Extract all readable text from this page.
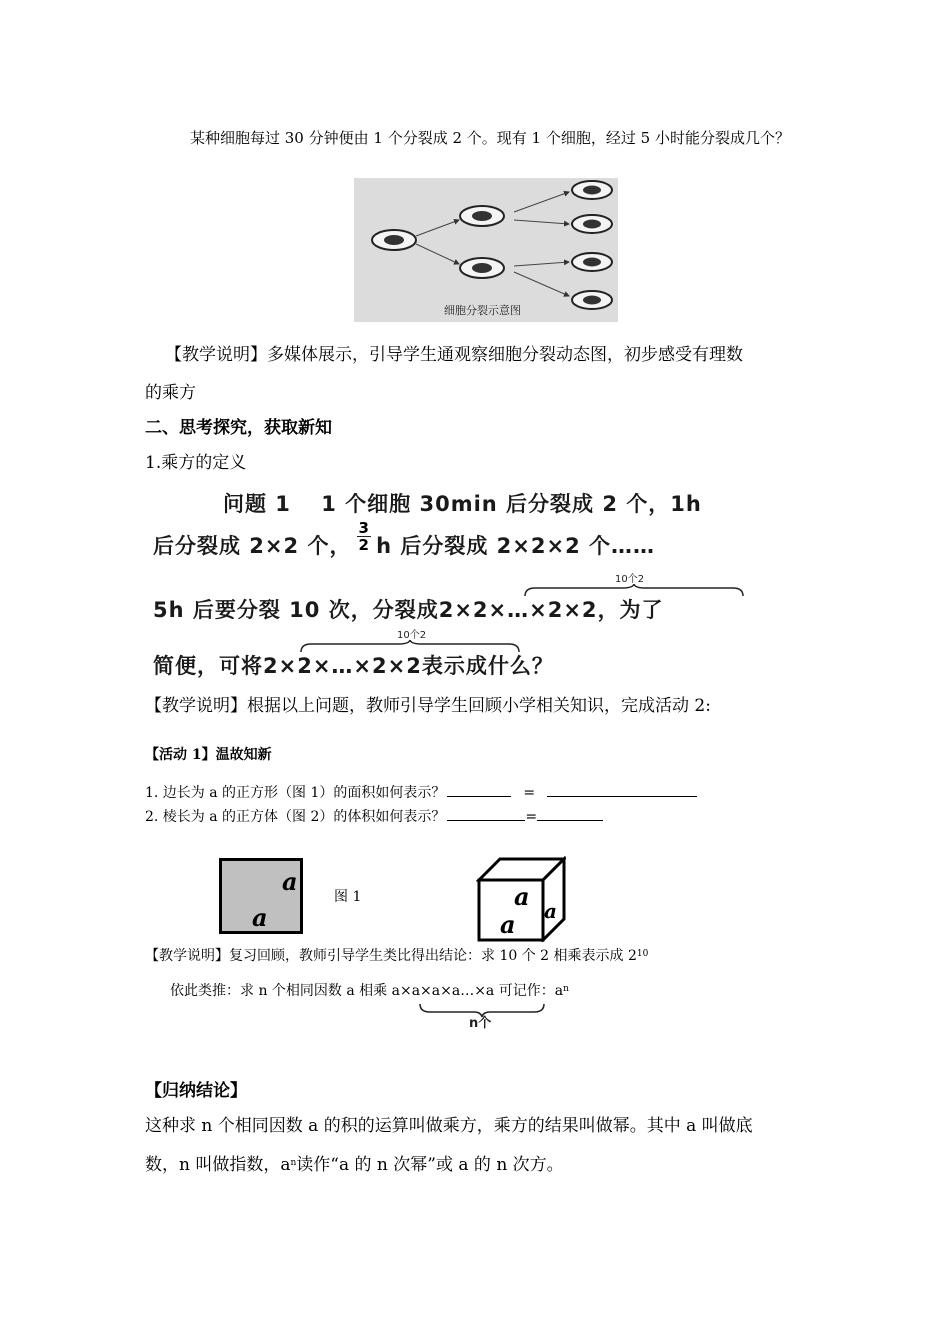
某种细胞每过 30 分钟便由 1 个分裂成 2 个。现有 1 个细胞，经过 5 小时能分裂成几个？
细胞分裂示意图
【教学说明】多媒体展示，引导学生通观察细胞分裂动态图，初步感受有理数
的乘方
二、思考探究，获取新知
1.乘方的定义
问题 1　 1 个细胞 30min 后分裂成 2 个，1h
后分裂成 2×2 个， $\frac{3}{2}$ h 后分裂成 2×2×2 个……
10个2
5h 后要分裂 10 次，分裂成2×2×…×2×2，为了
10个2
简便，可将2×2×…×2×2表示成什么？
【教学说明】根据以上问题，教师引导学生回顾小学相关知识，完成活动 2:
【活动 1】温故知新
1. 边长为 a 的正方形（图 1）的面积如何表示？	=
2. 棱长为 a 的正方体（图 2）的体积如何表示？	=
a
a
图 1	a
a a
【教学说明】复习回顾，教师引导学生类比得出结论：求 10 个 2 相乘表示成 $2^{10}$
依此类推：求 n 个相同因数 a 相乘 a×a×a×a…×a 可记作：$a^n$
n个
【归纳结论】
这种求 n 个相同因数 a 的积的运算叫做乘方，乘方的结果叫做幂。其中 a 叫做底
数，n 叫做指数，$a^n$读作“a 的 n 次幂”或 a 的 n 次方。
